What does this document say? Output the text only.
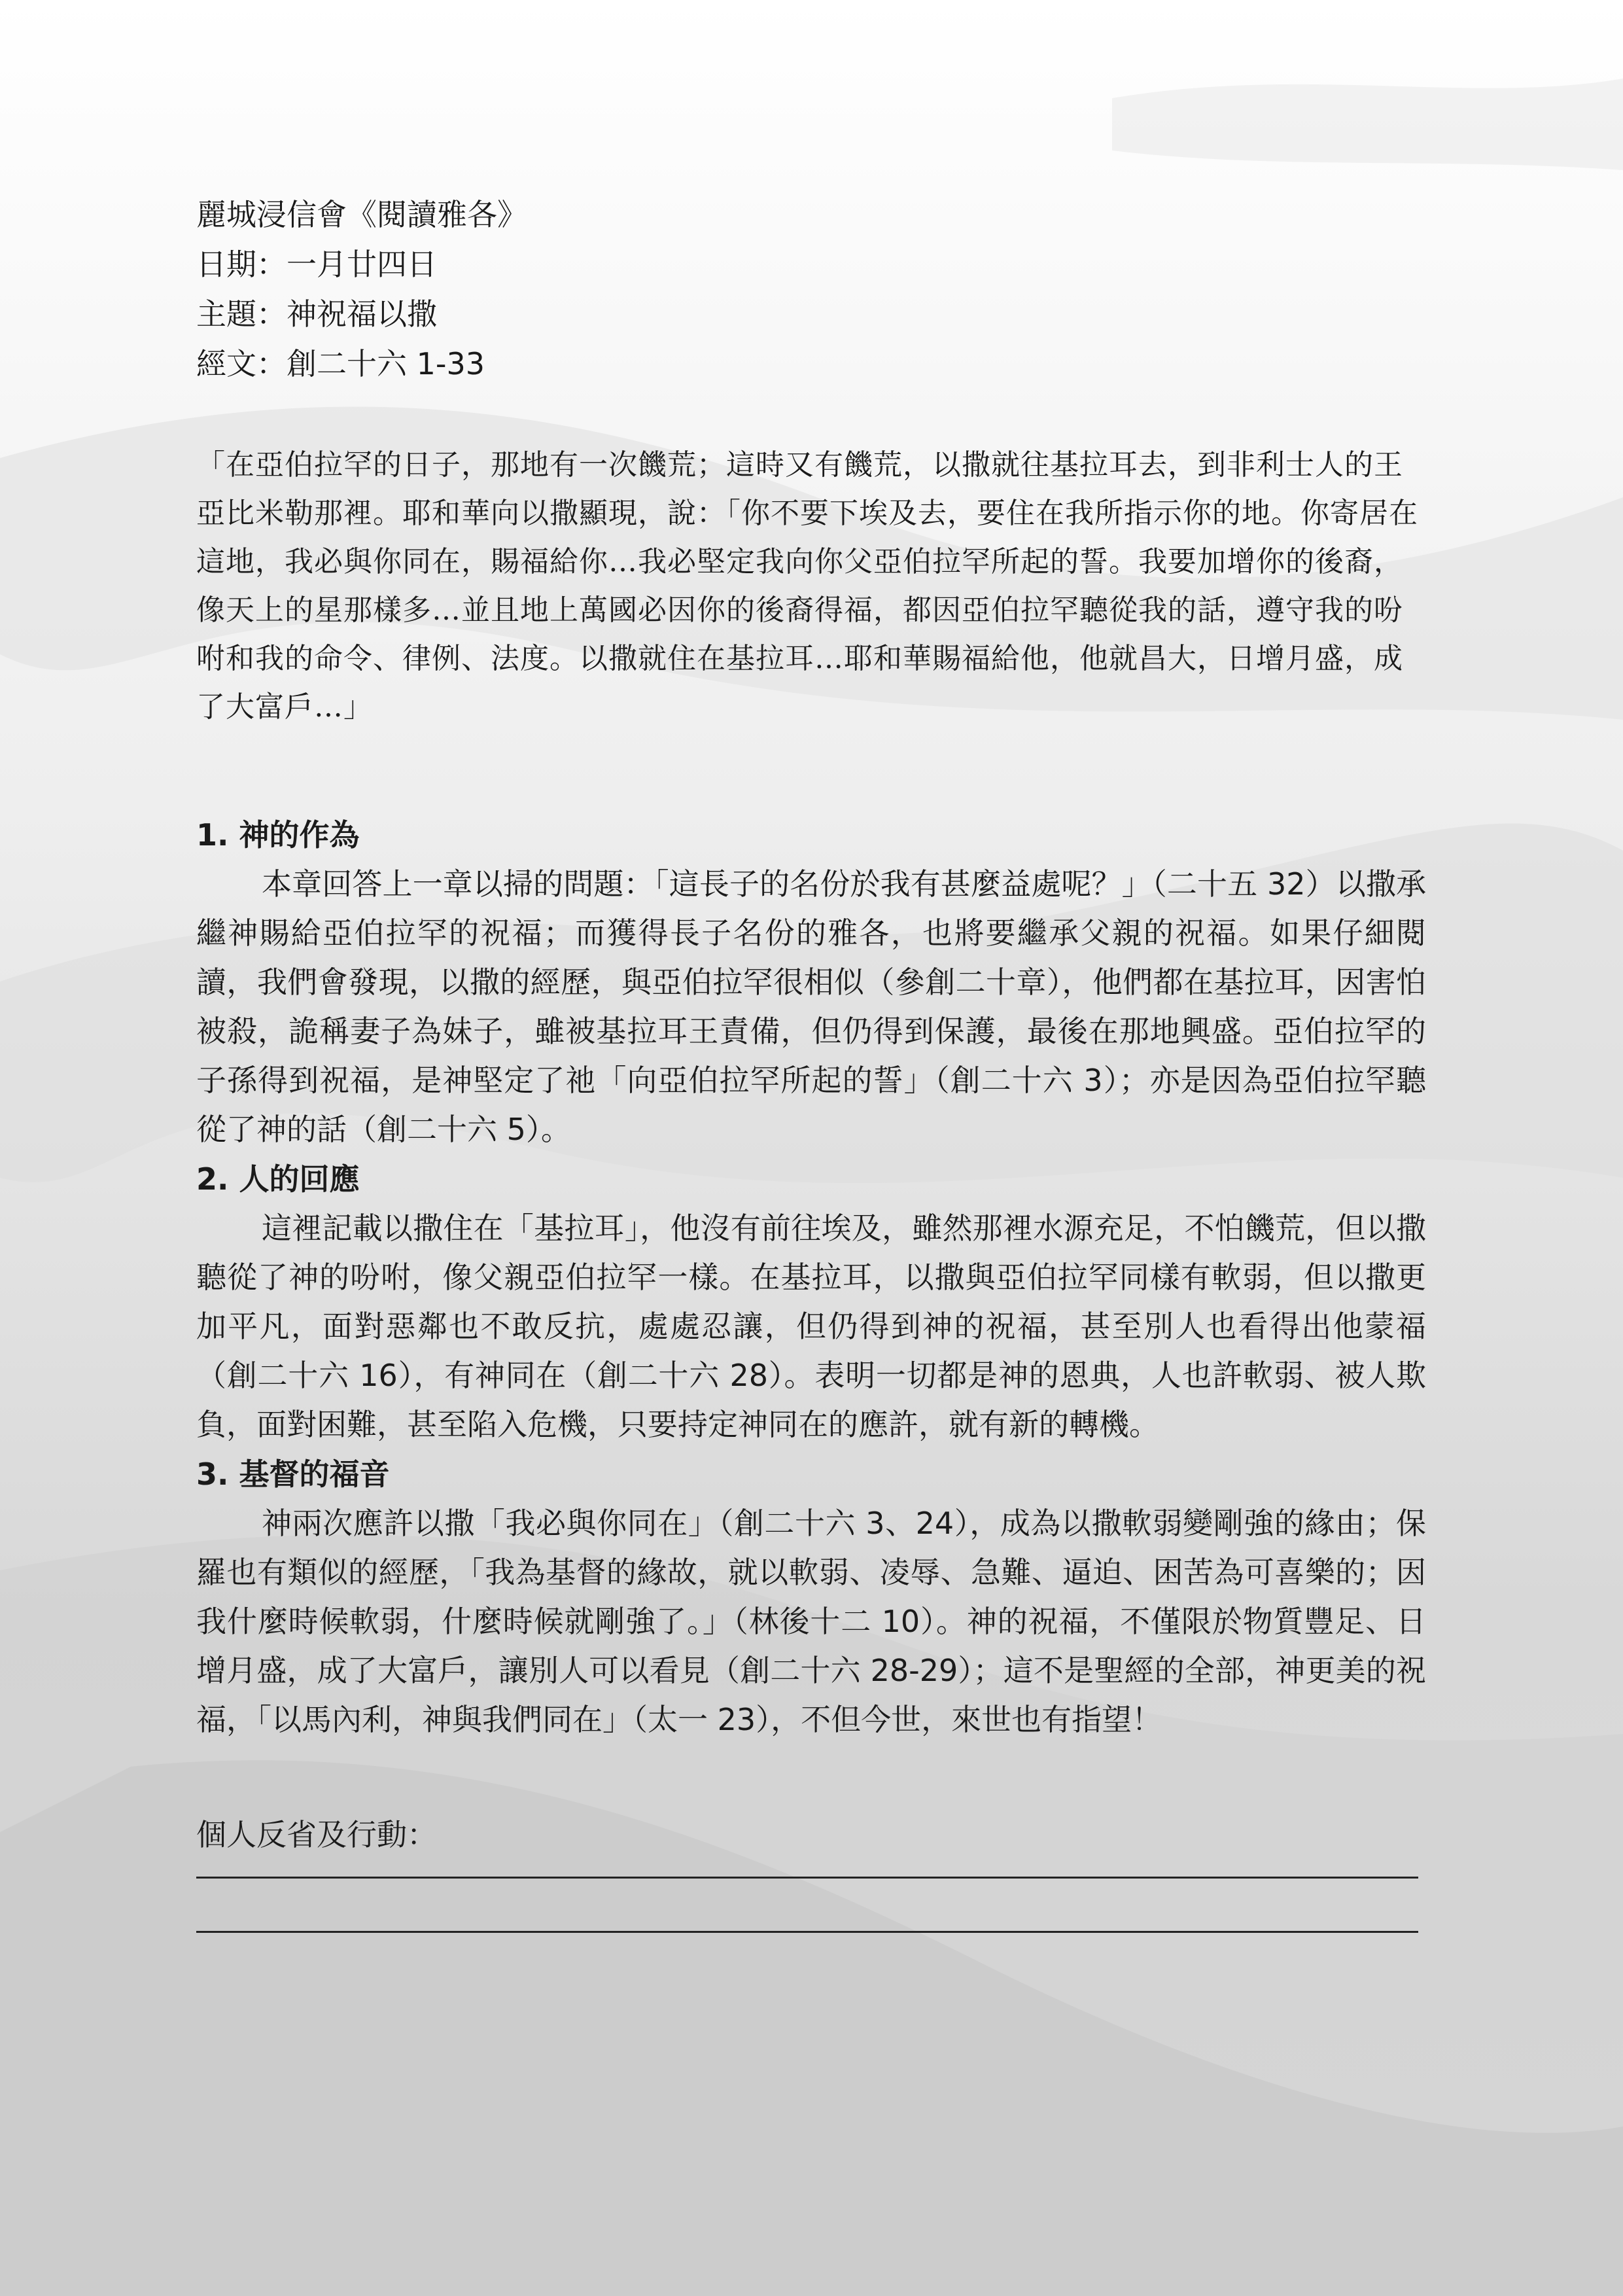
麗城浸信會《閱讀雅各》
日期：一月廿四日
主題：神祝福以撒
經文：創二十六 1-33
「在亞伯拉罕的日子，那地有一次饑荒；這時又有饑荒，以撒就往基拉耳去，到非利士人的王亞比米勒那裡。耶和華向以撒顯現，說：「你不要下埃及去，要住在我所指示你的地。你寄居在這地，我必與你同在，賜福給你…我必堅定我向你父亞伯拉罕所起的誓。我要加增你的後裔，像天上的星那樣多…並且地上萬國必因你的後裔得福，都因亞伯拉罕聽從我的話，遵守我的吩咐和我的命令、律例、法度。以撒就住在基拉耳…耶和華賜福給他，他就昌大，日增月盛，成了大富戶…」
1. 神的作為
本章回答上一章以掃的問題：「這長子的名份於我有甚麼益處呢？」（二十五 32）以撒承繼神賜給亞伯拉罕的祝福；而獲得長子名份的雅各，也將要繼承父親的祝福。如果仔細閱讀，我們會發現，以撒的經歷，與亞伯拉罕很相似（參創二十章），他們都在基拉耳，因害怕被殺，詭稱妻子為妹子，雖被基拉耳王責備，但仍得到保護，最後在那地興盛。亞伯拉罕的子孫得到祝福，是神堅定了祂「向亞伯拉罕所起的誓」（創二十六 3）；亦是因為亞伯拉罕聽從了神的話（創二十六 5）。
2. 人的回應
這裡記載以撒住在「基拉耳」，他沒有前往埃及，雖然那裡水源充足，不怕饑荒，但以撒聽從了神的吩咐，像父親亞伯拉罕一樣。在基拉耳，以撒與亞伯拉罕同樣有軟弱，但以撒更加平凡，面對惡鄰也不敢反抗，處處忍讓，但仍得到神的祝福，甚至別人也看得出他蒙福（創二十六 16），有神同在（創二十六 28）。表明一切都是神的恩典，人也許軟弱、被人欺負，面對困難，甚至陷入危機，只要持定神同在的應許，就有新的轉機。
3. 基督的福音
神兩次應許以撒「我必與你同在」（創二十六 3、24），成為以撒軟弱變剛強的緣由；保羅也有類似的經歷，「我為基督的緣故，就以軟弱、凌辱、急難、逼迫、困苦為可喜樂的；因我什麼時候軟弱，什麼時候就剛強了。」（林後十二 10）。神的祝福，不僅限於物質豐足、日增月盛，成了大富戶，讓別人可以看見（創二十六 28-29）；這不是聖經的全部，神更美的祝福，「以馬內利，神與我們同在」（太一 23），不但今世，來世也有指望！
個人反省及行動：
